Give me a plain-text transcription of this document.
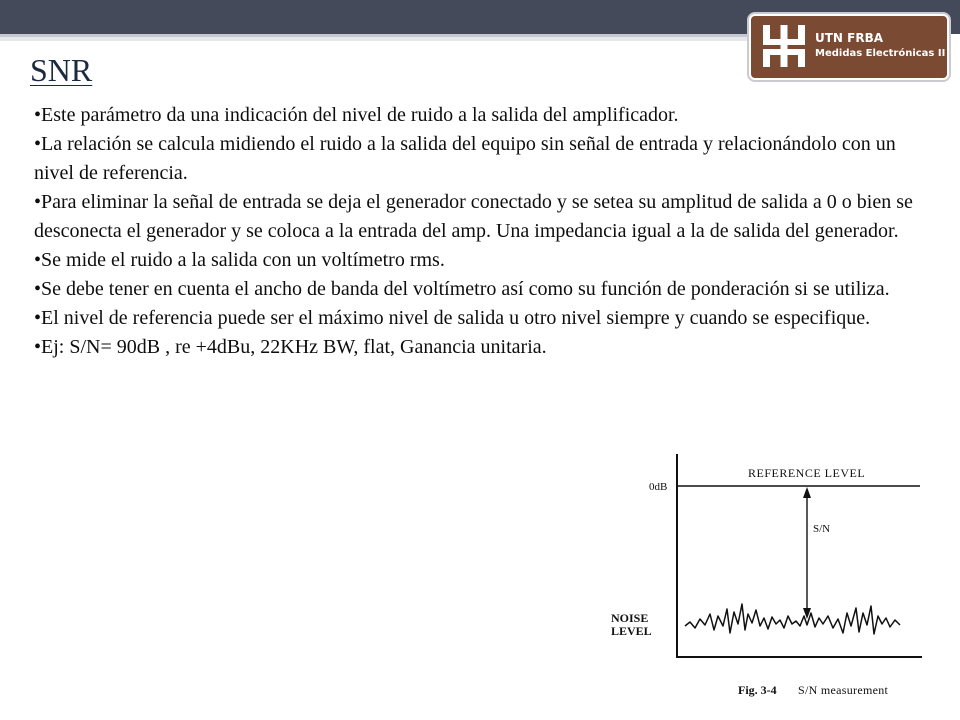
UTN FRBA
Medidas Electrónicas II
SNR
• Este parámetro da una indicación del nivel de ruido a la salida del amplificador.
• La relación se calcula midiendo el ruido a la salida del equipo sin señal de entrada y relacionándolo con un nivel de referencia.
• Para eliminar la señal de entrada se deja el generador conectado y se setea su amplitud de salida a 0 o bien se desconecta el generador y se coloca a la entrada del amp. Una impedancia igual a la de salida del generador.
• Se mide el ruido a la salida con un voltímetro rms.
• Se debe tener en cuenta el ancho de banda del voltímetro así como su función de ponderación si se utiliza.
• El nivel de referencia puede ser el máximo nivel de salida u otro nivel siempre y cuando se especifique.
• Ej: S/N= 90dB , re +4dBu, 22KHz BW, flat, Ganancia unitaria.
REFERENCE LEVEL
0dB
S/N
NOISE
LEVEL
Fig. 3-4 S/N measurement
